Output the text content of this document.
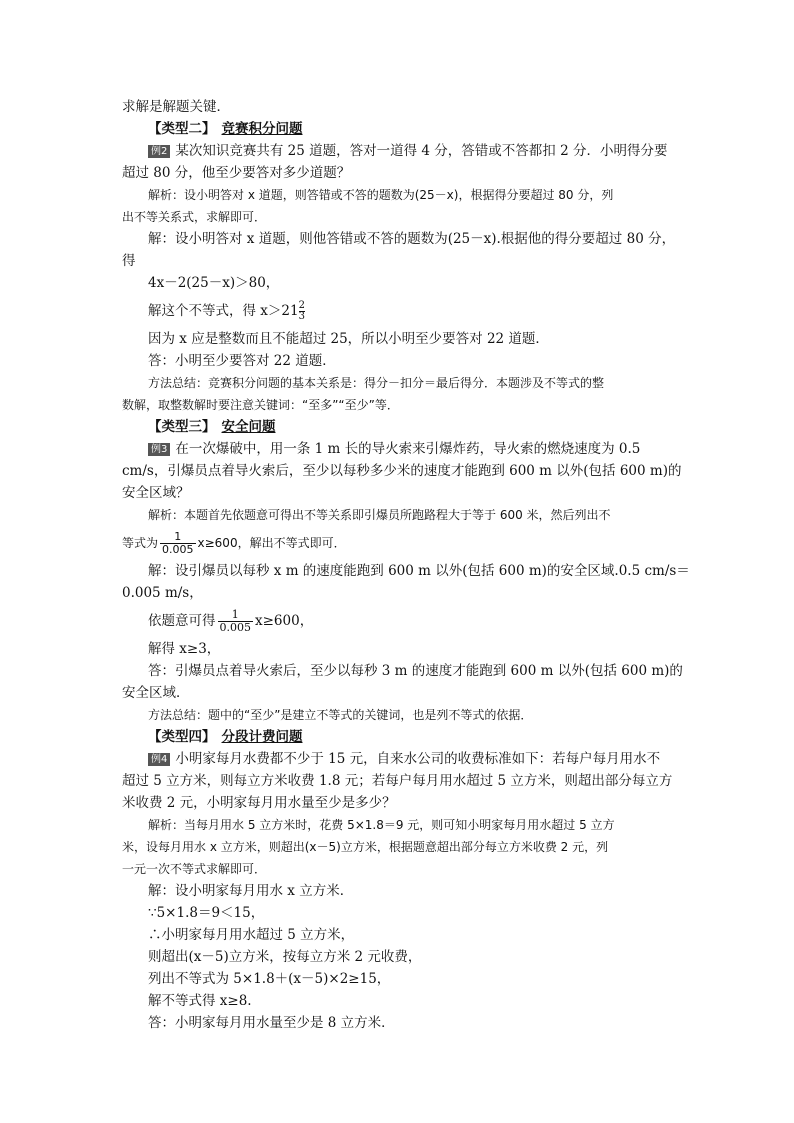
求解是解题关键．
【类型二】 竞赛积分问题
例2 某次知识竞赛共有 25 道题，答对一道得 4 分，答错或不答都扣 2 分．小明得分要
超过 80 分，他至少要答对多少道题？
解析：设小明答对 x 道题，则答错或不答的题数为(25－x)，根据得分要超过 80 分，列
出不等关系式，求解即可．
解：设小明答对 x 道题，则他答错或不答的题数为(25－x).根据他的得分要超过 80 分，
得
4x－2(25－x)＞80，
解这个不等式，得 $x>21 \frac{2}{3}$
因为 x 应是整数而且不能超过 25，所以小明至少要答对 22 道题．
答：小明至少要答对 22 道题．
方法总结：竞赛积分问题的基本关系是：得分－扣分＝最后得分．本题涉及不等式的整
数解，取整数解时要注意关键词：“至多”“至少”等．
【类型三】 安全问题
例3 在一次爆破中，用一条 1 m 长的导火索来引爆炸药，导火索的燃烧速度为 0.5
cm/s，引爆员点着导火索后，至少以每秒多少米的速度才能跑到 600 m 以外(包括 600 m)的
安全区域？
解析：本题首先依题意可得出不等关系即引爆员所跑路程大于等于 600 米，然后列出不
等式为 $\frac{1}{0.005} x\ge 600$，解出不等式即可．
解：设引爆员以每秒 x m 的速度能跑到 600 m 以外(包括 600 m)的安全区域.0.5 cm/s＝
0.005 m/s，
依题意可得 $\frac{1}{0.005} x\ge 600$，
解得 x≥3，
答：引爆员点着导火索后，至少以每秒 3 m 的速度才能跑到 600 m 以外(包括 600 m)的
安全区域．
方法总结：题中的“至少”是建立不等式的关键词，也是列不等式的依据．
【类型四】 分段计费问题
例4 小明家每月水费都不少于 15 元，自来水公司的收费标准如下：若每户每月用水不
超过 5 立方米，则每立方米收费 1.8 元；若每户每月用水超过 5 立方米，则超出部分每立方
米收费 2 元，小明家每月用水量至少是多少？
解析：当每月用水 5 立方米时，花费 5×1.8＝9 元，则可知小明家每月用水超过 5 立方
米，设每月用水 x 立方米，则超出(x－5)立方米，根据题意超出部分每立方米收费 2 元，列
一元一次不等式求解即可．
解：设小明家每月用水 x 立方米．
∵5×1.8＝9＜15，
∴小明家每月用水超过 5 立方米，
则超出(x－5)立方米，按每立方米 2 元收费，
列出不等式为 5×1.8＋(x－5)×2≥15，
解不等式得 x≥8.
答：小明家每月用水量至少是 8 立方米．
